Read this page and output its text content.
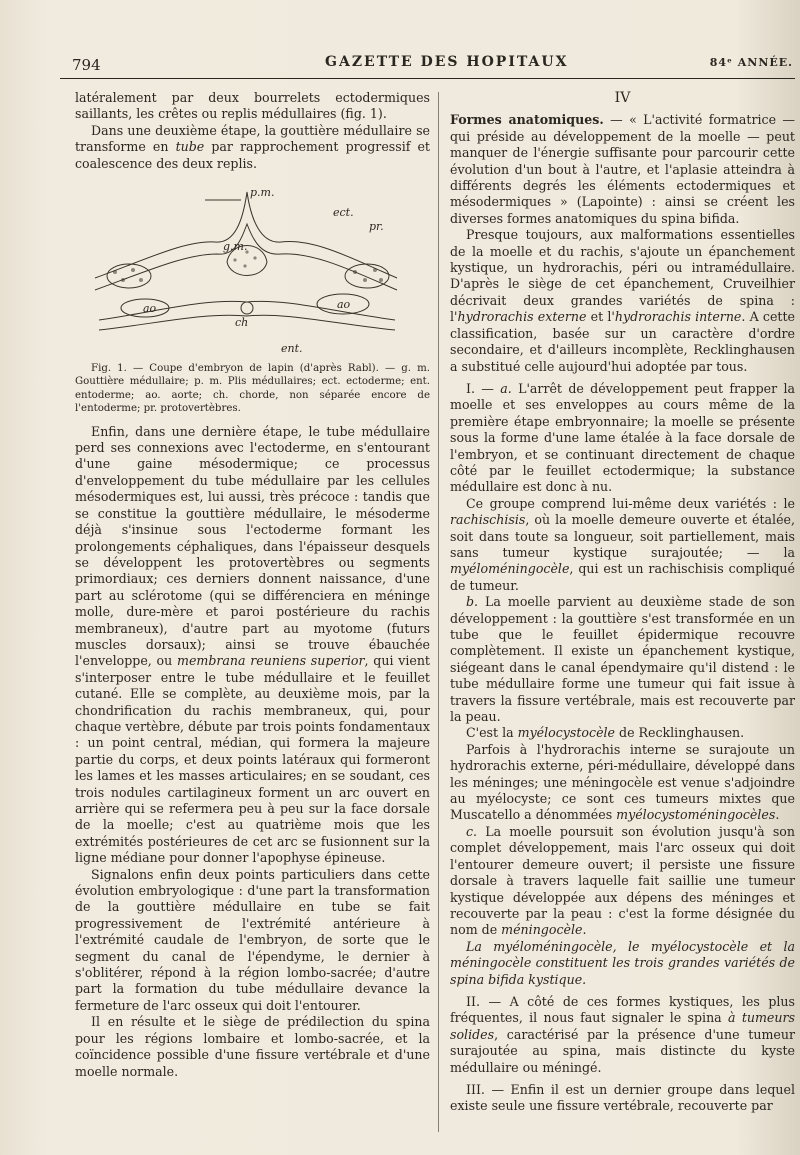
794	GAZETTE DES HOPITAUX	84ᵉ ANNÉE.

latéralement par deux bourrelets ectodermiques saillants, les crêtes ou replis médullaires (fig. 1).

Dans une deuxième étape, la gouttière médullaire se transforme en tube par rapprochement progressif et coalescence des deux replis.

p.m.
ect.
pr.
g.m.
ao	ao
ch
ent.

Fig. 1. — Coupe d'embryon de lapin (d'après Rabl). — g. m. Gouttière médullaire; p. m. Plis médullaires; ect. ectoderme; ent. entoderme; ao. aorte; ch. chorde, non séparée encore de l'entoderme; pr. protovertèbres.

Enfin, dans une dernière étape, le tube médullaire perd ses connexions avec l'ectoderme, en s'entourant d'une gaine mésodermique; ce processus d'enveloppement du tube médullaire par les cellules mésodermiques est, lui aussi, très précoce : tandis que se constitue la gouttière médullaire, le mésoderme déjà s'insinue sous l'ectoderme formant les prolongements céphaliques, dans l'épaisseur desquels se développent les protovertèbres ou segments primordiaux; ces derniers donnent naissance, d'une part au sclérotome (qui se différenciera en méninge molle, dure-mère et paroi postérieure du rachis membraneux), d'autre part au myotome (futurs muscles dorsaux); ainsi se trouve ébauchée l'enveloppe, ou membrana reuniens superior, qui vient s'interposer entre le tube médullaire et le feuillet cutané. Elle se complète, au deuxième mois, par la chondrification du rachis membraneux, qui, pour chaque vertèbre, débute par trois points fondamentaux : un point central, médian, qui formera la majeure partie du corps, et deux points latéraux qui formeront les lames et les masses articulaires; en se soudant, ces trois nodules cartilagineux forment un arc ouvert en arrière qui se refermera peu à peu sur la face dorsale de la moelle; c'est au quatrième mois que les extrémités postérieures de cet arc se fusionnent sur la ligne médiane pour donner l'apophyse épineuse.

Signalons enfin deux points particuliers dans cette évolution embryologique : d'une part la transformation de la gouttière médullaire en tube se fait progressivement de l'extrémité antérieure à l'extrémité caudale de l'embryon, de sorte que le segment du canal de l'épendyme, le dernier à s'oblitérer, répond à la région lombo-sacrée; d'autre part la formation du tube médullaire devance la fermeture de l'arc osseux qui doit l'entourer.

Il en résulte et le siège de prédilection du spina pour les régions lombaire et lombo-sacrée, et la coïncidence possible d'une fissure vertébrale et d'une moelle normale.

IV

Formes anatomiques. — « L'activité formatrice — qui préside au développement de la moelle — peut manquer de l'énergie suffisante pour parcourir cette évolution d'un bout à l'autre, et l'aplasie atteindra à différents degrés les éléments ectodermiques et mésodermiques » (Lapointe) : ainsi se créent les diverses formes anatomiques du spina bifida.

Presque toujours, aux malformations essentielles de la moelle et du rachis, s'ajoute un épanchement kystique, un hydrorachis, péri ou intramédullaire. D'après le siège de cet épanchement, Cruveilhier décrivait deux grandes variétés de spina : l'hydrorachis externe et l'hydrorachis interne. A cette classification, basée sur un caractère d'ordre secondaire, et d'ailleurs incomplète, Recklinghausen a substitué celle aujourd'hui adoptée par tous.

I. — a. L'arrêt de développement peut frapper la moelle et ses enveloppes au cours même de la première étape embryonnaire; la moelle se présente sous la forme d'une lame étalée à la face dorsale de l'embryon, et se continuant directement de chaque côté par le feuillet ectodermique; la substance médullaire est donc à nu.

Ce groupe comprend lui-même deux variétés : le rachischisis, où la moelle demeure ouverte et étalée, soit dans toute sa longueur, soit partiellement, mais sans tumeur kystique surajoutée; — la myéloméningocèle, qui est un rachischisis compliqué de tumeur.

b. La moelle parvient au deuxième stade de son développement : la gouttière s'est transformée en un tube que le feuillet épidermique recouvre complètement. Il existe un épanchement kystique, siégeant dans le canal épendymaire qu'il distend : le tube médullaire forme une tumeur qui fait issue à travers la fissure vertébrale, mais est recouverte par la peau.

C'est la myélocystocèle de Recklinghausen.

Parfois à l'hydrorachis interne se surajoute un hydrorachis externe, péri-médullaire, développé dans les méninges; une méningocèle est venue s'adjoindre au myélocyste; ce sont ces tumeurs mixtes que Muscatello a dénommées myélocystoméningocèles.

c. La moelle poursuit son évolution jusqu'à son complet développement, mais l'arc osseux qui doit l'entourer demeure ouvert; il persiste une fissure dorsale à travers laquelle fait saillie une tumeur kystique développée aux dépens des méninges et recouverte par la peau : c'est la forme désignée du nom de méningocèle.

La myéloméningocèle, le myélocystocèle et la méningocèle constituent les trois grandes variétés de spina bifida kystique.

II. — A côté de ces formes kystiques, les plus fréquentes, il nous faut signaler le spina à tumeurs solides, caractérisé par la présence d'une tumeur surajoutée au spina, mais distincte du kyste médullaire ou méningé.

III. — Enfin il est un dernier groupe dans lequel existe seule une fissure vertébrale, recouverte par
